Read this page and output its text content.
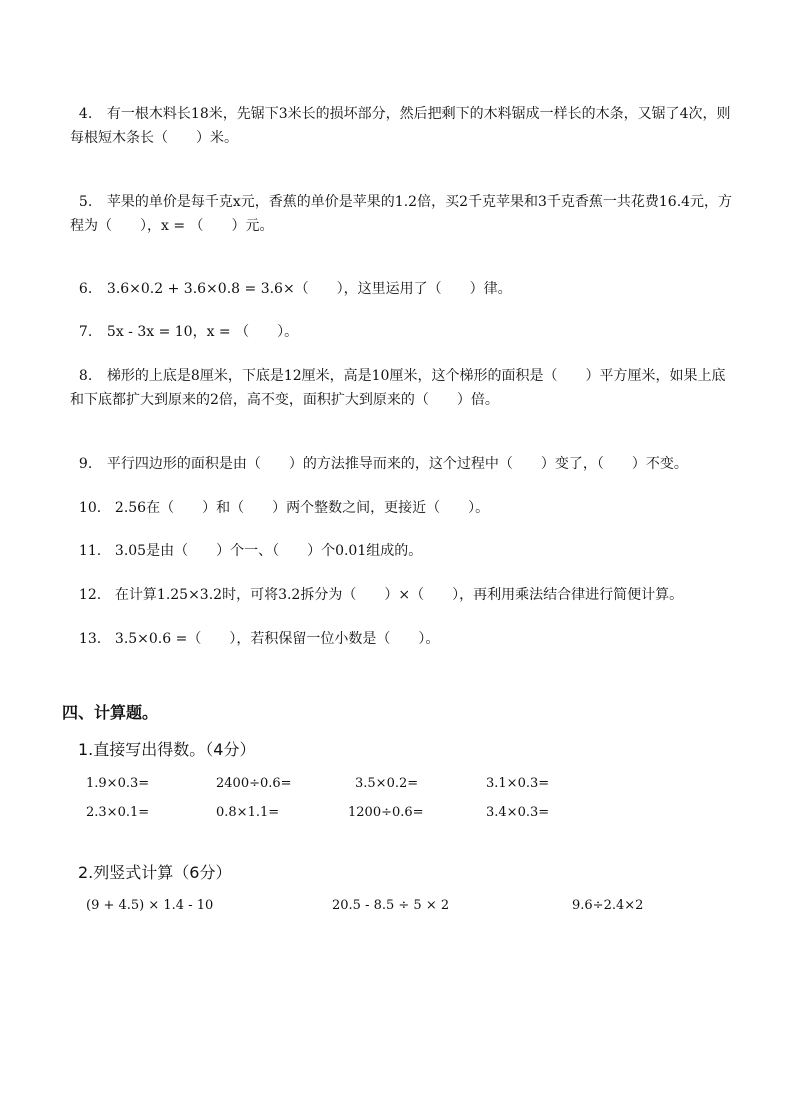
4. 有一根木料长18米，先锯下3米长的损坏部分，然后把剩下的木料锯成一样长的木条，又锯了4次，则

每根短木条长（　　）米。

5. 苹果的单价是每千克x元，香蕉的单价是苹果的1.2倍，买2千克苹果和3千克香蕉一共花费16.4元，方

程为（　　），x = （　　）元。

6. 3.6×0.2 + 3.6×0.8 = 3.6×（　　），这里运用了（　　）律。

7. 5x - 3x = 10，x = （　　）。

8. 梯形的上底是8厘米，下底是12厘米，高是10厘米，这个梯形的面积是（　　）平方厘米，如果上底

和下底都扩大到原来的2倍，高不变，面积扩大到原来的（　　）倍。

9. 平行四边形的面积是由（　　）的方法推导而来的，这个过程中（　　）变了，（　　）不变。

10. 2.56在（　　）和（　　）两个整数之间，更接近（　　）。

11. 3.05是由（　　）个一、（　　）个0.01组成的。

12. 在计算1.25×3.2时，可将3.2拆分为（　　）×（　　），再利用乘法结合律进行简便计算。

13. 3.5×0.6 =（　　），若积保留一位小数是（　　）。

四、计算题。
1.直接写出得数。（4分）
1.9×0.3=	2400÷0.6=	3.5×0.2=	3.1×0.3=
2.3×0.1=	0.8×1.1=	1200÷0.6=	3.4×0.3=
2.列竖式计算（6分）
(9 + 4.5) × 1.4 - 10	20.5 - 8.5 ÷ 5 × 2	9.6÷2.4×2
